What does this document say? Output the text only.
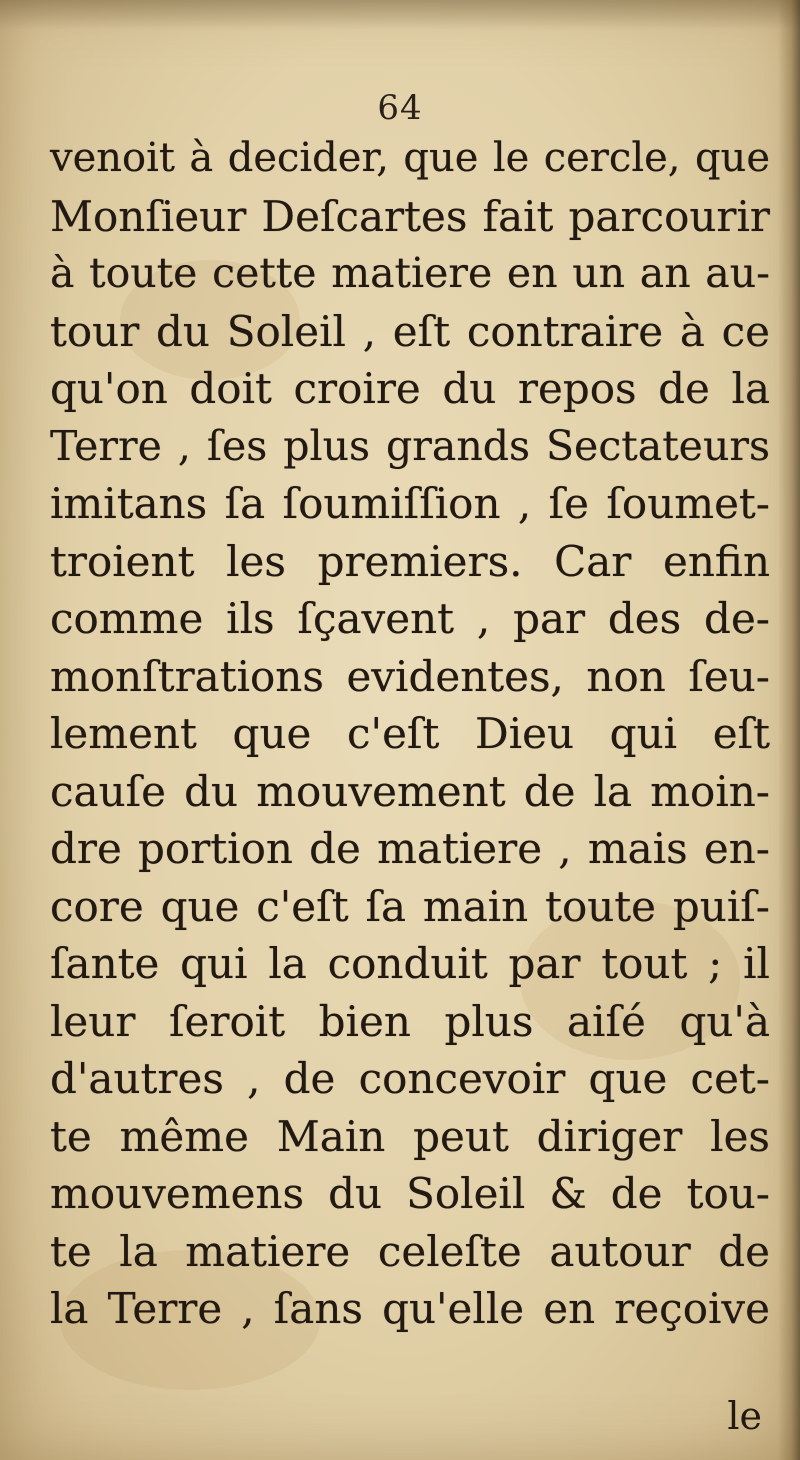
64
venoit à decider, que le cercle, que
Monſieur Deſcartes fait parcourir
à toute cette matiere en un an au-
tour du Soleil , eſt contraire à ce
qu'on doit croire du repos de la
Terre , ſes plus grands Sectateurs
imitans ſa ſoumiſſion , ſe ſoumet-
troient les premiers. Car enfin
comme ils ſçavent , par des de-
monſtrations evidentes, non ſeu-
lement que c'eſt Dieu qui eſt
cauſe du mouvement de la moin-
dre portion de matiere , mais en-
core que c'eſt ſa main toute puiſ-
ſante qui la conduit par tout ; il
leur ſeroit bien plus aiſé qu'à
d'autres , de concevoir que cet-
te même Main peut diriger les
mouvemens du Soleil & de tou-
te la matiere celeſte autour de
la Terre , ſans qu'elle en reçoive
le
